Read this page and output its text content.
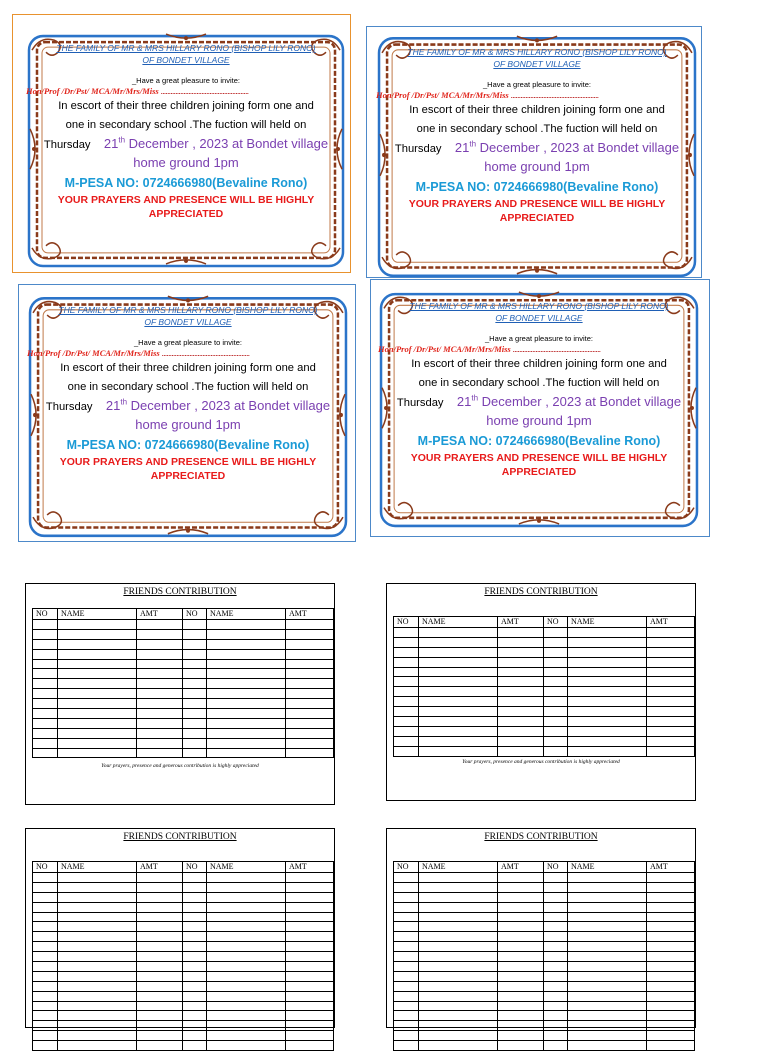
THE FAMILY OF MR & MRS HILLARY RONO (BISHOP LILY RONO)
OF BONDET VILLAGE
_Have a great pleasure to invite:
Hon/Prof /Dr/Pst/ MCA/Mr/Mrs/Miss ......................................................
In escort of their three children joining form one and
one in secondary school .The fuction will held on
Thursday 21th December , 2023 at Bondet village
home ground 1pm
M-PESA NO: 0724666980(Bevaline Rono)
YOUR PRAYERS AND PRESENCE WILL BE HIGHLY
APPRECIATED
THE FAMILY OF MR & MRS HILLARY RONO (BISHOP LILY RONO)
OF BONDET VILLAGE
_Have a great pleasure to invite:
Hon/Prof /Dr/Pst/ MCA/Mr/Mrs/Miss ......................................................
In escort of their three children joining form one and
one in secondary school .The fuction will held on
Thursday 21th December , 2023 at Bondet village
home ground 1pm
M-PESA NO: 0724666980(Bevaline Rono)
YOUR PRAYERS AND PRESENCE WILL BE HIGHLY
APPRECIATED
THE FAMILY OF MR & MRS HILLARY RONO (BISHOP LILY RONO)
OF BONDET VILLAGE
_Have a great pleasure to invite:
Hon/Prof /Dr/Pst/ MCA/Mr/Mrs/Miss ......................................................
In escort of their three children joining form one and
one in secondary school .The fuction will held on
Thursday 21th December , 2023 at Bondet village
home ground 1pm
M-PESA NO: 0724666980(Bevaline Rono)
YOUR PRAYERS AND PRESENCE WILL BE HIGHLY
APPRECIATED
THE FAMILY OF MR & MRS HILLARY RONO (BISHOP LILY RONO)
OF BONDET VILLAGE
_Have a great pleasure to invite:
Hon/Prof /Dr/Pst/ MCA/Mr/Mrs/Miss ......................................................
In escort of their three children joining form one and
one in secondary school .The fuction will held on
Thursday 21th December , 2023 at Bondet village
home ground 1pm
M-PESA NO: 0724666980(Bevaline Rono)
YOUR PRAYERS AND PRESENCE WILL BE HIGHLY
APPRECIATED
FRIENDS CONTRIBUTION
NO	NAME	AMT	NO	NAME	AMT

Your prayers, presence and generous contribution is highly appreciated
FRIENDS CONTRIBUTION
NO	NAME	AMT	NO	NAME	AMT

Your prayers, presence and generous contribution is highly appreciated
FRIENDS CONTRIBUTION
NO	NAME	AMT	NO	NAME	AMT

FRIENDS CONTRIBUTION
NO	NAME	AMT	NO	NAME	AMT
